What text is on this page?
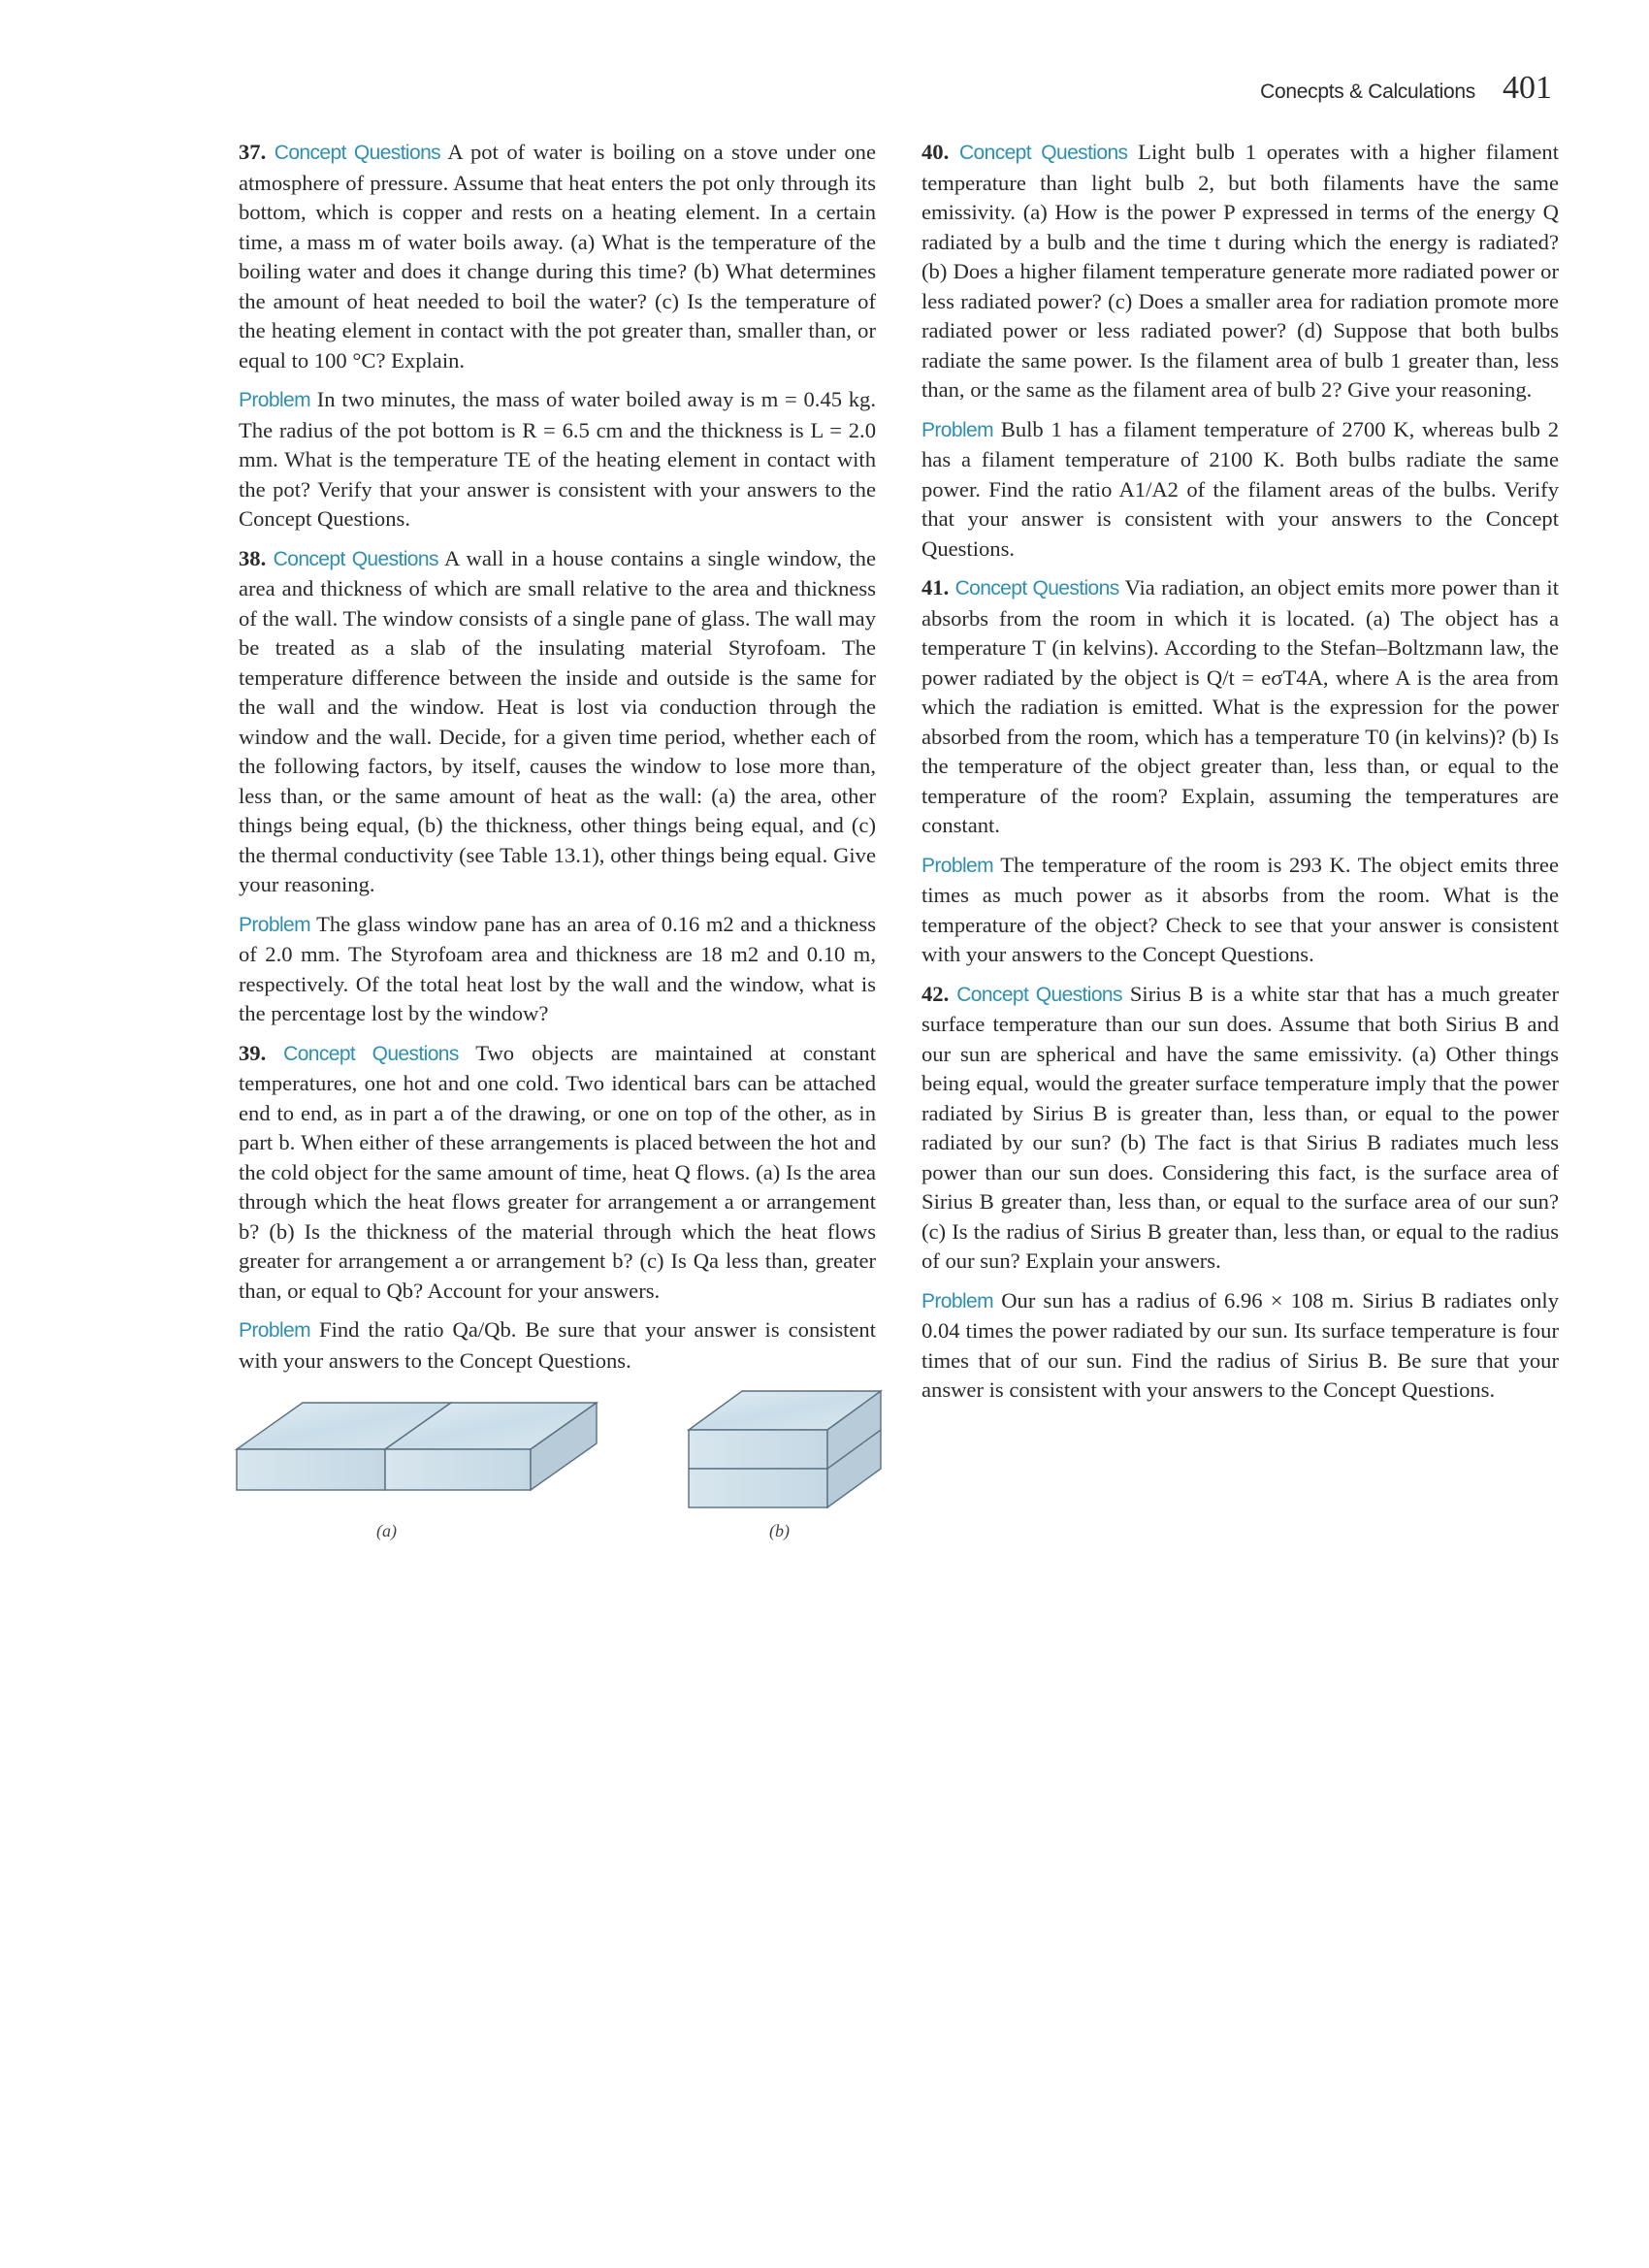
Conecpts & Calculations 401

37. Concept Questions A pot of water is boiling on a stove under one atmosphere of pressure. Assume that heat enters the pot only through its bottom, which is copper and rests on a heating element. In a certain time, a mass m of water boils away. (a) What is the temperature of the boiling water and does it change during this time? (b) What determines the amount of heat needed to boil the water? (c) Is the temperature of the heating element in contact with the pot greater than, smaller than, or equal to 100 °C? Explain.

Problem In two minutes, the mass of water boiled away is m = 0.45 kg. The radius of the pot bottom is R = 6.5 cm and the thickness is L = 2.0 mm. What is the temperature TE of the heating element in contact with the pot? Verify that your answer is consistent with your answers to the Concept Questions.

38. Concept Questions A wall in a house contains a single window, the area and thickness of which are small relative to the area and thickness of the wall. The window consists of a single pane of glass. The wall may be treated as a slab of the insulating material Styrofoam. The temperature difference between the inside and outside is the same for the wall and the window. Heat is lost via conduction through the window and the wall. Decide, for a given time period, whether each of the following factors, by itself, causes the window to lose more than, less than, or the same amount of heat as the wall: (a) the area, other things being equal, (b) the thickness, other things being equal, and (c) the thermal conductivity (see Table 13.1), other things being equal. Give your reasoning.

Problem The glass window pane has an area of 0.16 m2 and a thickness of 2.0 mm. The Styrofoam area and thickness are 18 m2 and 0.10 m, respectively. Of the total heat lost by the wall and the window, what is the percentage lost by the window?

39. Concept Questions Two objects are maintained at constant temperatures, one hot and one cold. Two identical bars can be attached end to end, as in part a of the drawing, or one on top of the other, as in part b. When either of these arrangements is placed between the hot and the cold object for the same amount of time, heat Q flows. (a) Is the area through which the heat flows greater for arrangement a or arrangement b? (b) Is the thickness of the material through which the heat flows greater for arrangement a or arrangement b? (c) Is Qa less than, greater than, or equal to Qb? Account for your answers.

Problem Find the ratio Qa/Qb. Be sure that your answer is consistent with your answers to the Concept Questions.

(a)	(b)

40. Concept Questions Light bulb 1 operates with a higher filament temperature than light bulb 2, but both filaments have the same emissivity. (a) How is the power P expressed in terms of the energy Q radiated by a bulb and the time t during which the energy is radiated? (b) Does a higher filament temperature generate more radiated power or less radiated power? (c) Does a smaller area for radiation promote more radiated power or less radiated power? (d) Suppose that both bulbs radiate the same power. Is the filament area of bulb 1 greater than, less than, or the same as the filament area of bulb 2? Give your reasoning.

Problem Bulb 1 has a filament temperature of 2700 K, whereas bulb 2 has a filament temperature of 2100 K. Both bulbs radiate the same power. Find the ratio A1/A2 of the filament areas of the bulbs. Verify that your answer is consistent with your answers to the Concept Questions.

41. Concept Questions Via radiation, an object emits more power than it absorbs from the room in which it is located. (a) The object has a temperature T (in kelvins). According to the Stefan–Boltzmann law, the power radiated by the object is Q/t = eσT4A, where A is the area from which the radiation is emitted. What is the expression for the power absorbed from the room, which has a temperature T0 (in kelvins)? (b) Is the temperature of the object greater than, less than, or equal to the temperature of the room? Explain, assuming the temperatures are constant.

Problem The temperature of the room is 293 K. The object emits three times as much power as it absorbs from the room. What is the temperature of the object? Check to see that your answer is consistent with your answers to the Concept Questions.

42. Concept Questions Sirius B is a white star that has a much greater surface temperature than our sun does. Assume that both Sirius B and our sun are spherical and have the same emissivity. (a) Other things being equal, would the greater surface temperature imply that the power radiated by Sirius B is greater than, less than, or equal to the power radiated by our sun? (b) The fact is that Sirius B radiates much less power than our sun does. Considering this fact, is the surface area of Sirius B greater than, less than, or equal to the surface area of our sun? (c) Is the radius of Sirius B greater than, less than, or equal to the radius of our sun? Explain your answers.

Problem Our sun has a radius of 6.96 × 108 m. Sirius B radiates only 0.04 times the power radiated by our sun. Its surface temperature is four times that of our sun. Find the radius of Sirius B. Be sure that your answer is consistent with your answers to the Concept Questions.
